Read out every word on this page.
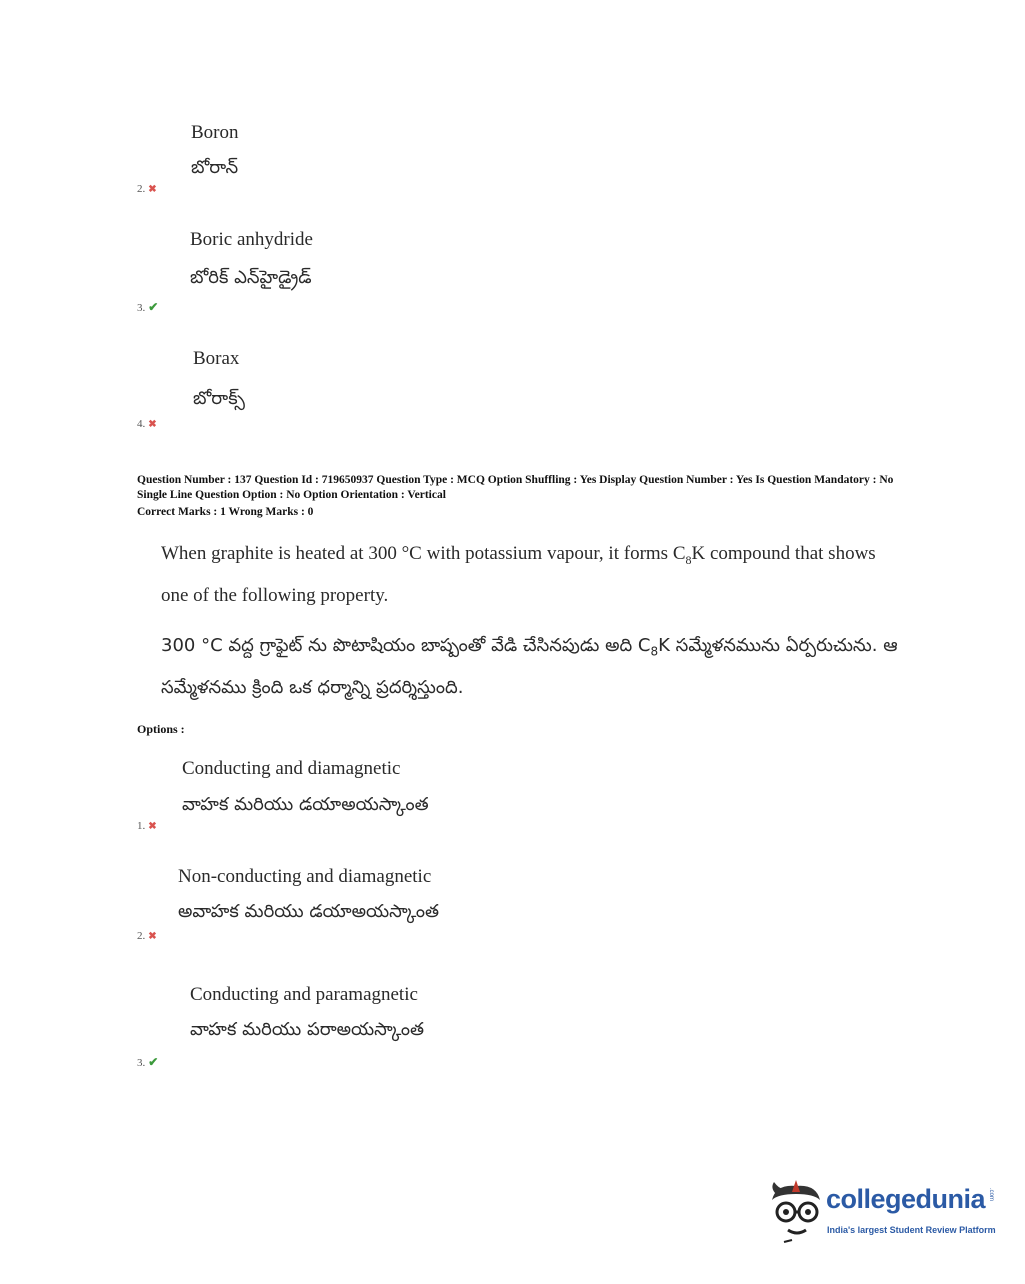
Boron
బోరాన్
2. ✖
Boric anhydride
బోరిక్ ఎన్‌హైడ్రైడ్
3. ✔
Borax
బోరాక్స్
4. ✖
Question Number : 137 Question Id : 719650937 Question Type : MCQ Option Shuffling : Yes Display Question Number : Yes Is Question Mandatory : No Single Line Question Option : No Option Orientation : Vertical
Correct Marks : 1 Wrong Marks : 0
When graphite is heated at 300 °C with potassium vapour, it forms $C_8K$ compound that shows one of the following property.
300 °C వద్ద గ్రాఫైట్ ను పొటాషియం బాష్పంతో వేడి చేసినపుడు అది $C_8K$ సమ్మేళనమును ఏర్పరుచును. ఆ సమ్మేళనము క్రింది ఒక ధర్మాన్ని ప్రదర్శిస్తుంది.
Options :
Conducting and diamagnetic
వాహక మరియు డయాఅయస్కాంత
1. ✖
Non-conducting and diamagnetic
అవాహక మరియు డయాఅయస్కాంత
2. ✖
Conducting and paramagnetic
వాహక మరియు పరాఅయస్కాంత
3. ✔
collegedunia .com
India's largest Student Review Platform
